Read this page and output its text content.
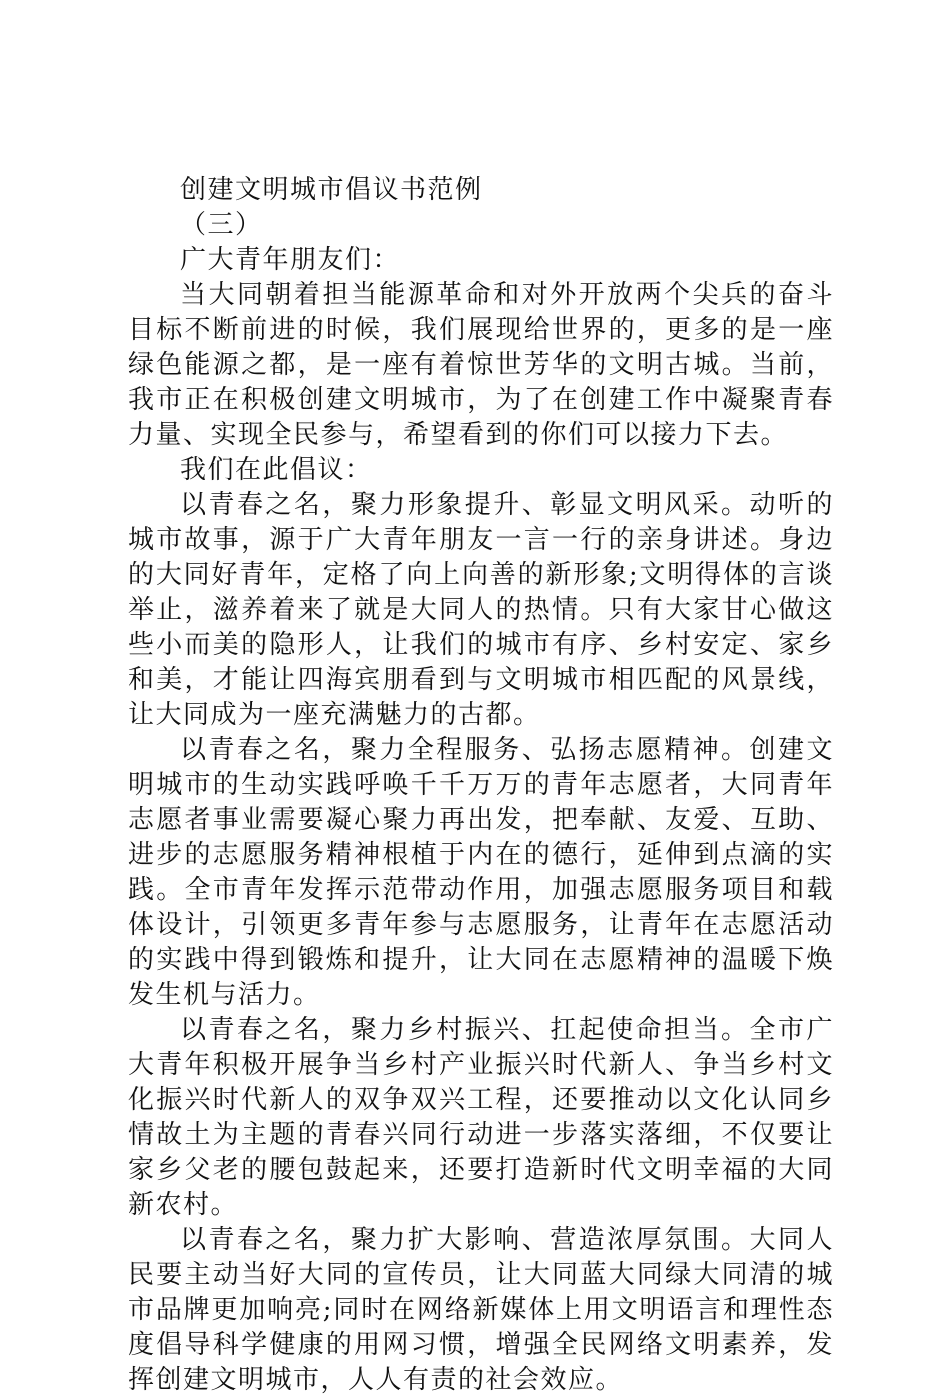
创建文明城市倡议书范例

（三）

广大青年朋友们：

当大同朝着担当能源革命和对外开放两个尖兵的奋斗目标不断前进的时候，我们展现给世界的，更多的是一座绿色能源之都，是一座有着惊世芳华的文明古城。当前，我市正在积极创建文明城市，为了在创建工作中凝聚青春力量、实现全民参与，希望看到的你们可以接力下去。

我们在此倡议：

以青春之名，聚力形象提升、彰显文明风采。动听的城市故事，源于广大青年朋友一言一行的亲身讲述。身边的大同好青年，定格了向上向善的新形象;文明得体的言谈举止，滋养着来了就是大同人的热情。只有大家甘心做这些小而美的隐形人，让我们的城市有序、乡村安定、家乡和美，才能让四海宾朋看到与文明城市相匹配的风景线，让大同成为一座充满魅力的古都。

以青春之名，聚力全程服务、弘扬志愿精神。创建文明城市的生动实践呼唤千千万万的青年志愿者，大同青年志愿者事业需要凝心聚力再出发，把奉献、友爱、互助、进步的志愿服务精神根植于内在的德行，延伸到点滴的实践。全市青年发挥示范带动作用，加强志愿服务项目和载体设计，引领更多青年参与志愿服务，让青年在志愿活动的实践中得到锻炼和提升，让大同在志愿精神的温暖下焕发生机与活力。

以青春之名，聚力乡村振兴、扛起使命担当。全市广大青年积极开展争当乡村产业振兴时代新人、争当乡村文化振兴时代新人的双争双兴工程，还要推动以文化认同乡情故土为主题的青春兴同行动进一步落实落细，不仅要让家乡父老的腰包鼓起来，还要打造新时代文明幸福的大同新农村。

以青春之名，聚力扩大影响、营造浓厚氛围。大同人民要主动当好大同的宣传员，让大同蓝大同绿大同清的城市品牌更加响亮;同时在网络新媒体上用文明语言和理性态度倡导科学健康的用网习惯，增强全民网络文明素养，发挥创建文明城市，人人有责的社会效应。
